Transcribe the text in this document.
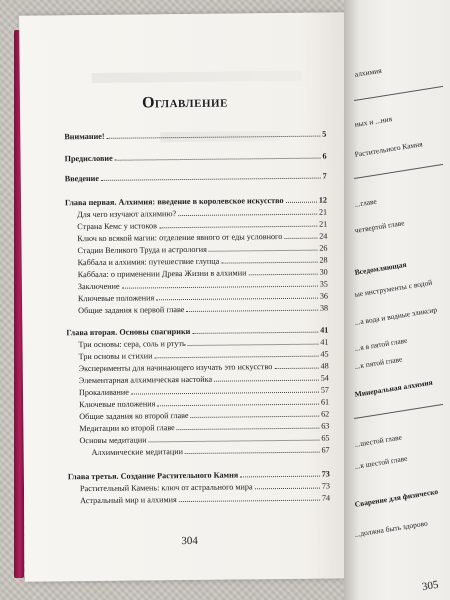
Оглавление
Внимание!	5
Предисловие	6
Введение	7
Глава первая. Алхимия: введение в королевское искусство	12
Для чего изучают алхимию?	21
Страна Кемс у истоков	21
Ключ ко всякой магии: отделение явного от еды условного	24
Стадии Великого Труда и астрология	26
Каббала и алхимия: путешествие глупца	28
Каббала: о применении Древа Жизни в алхимии	30
Заключение	35
Ключевые положения	36
Общие задания к первой главе	38
Глава вторая. Основы спагирики	41
Три основы: сера, соль и ртуть	41
Три основы и стихии	45
Эксперименты для начинающего изучать это искусство	48
Элементарная алхимическая настойка	54
Прокаливание	57
Ключевые положения	61
Общие задания ко второй главе	62
Медитации ко второй главе	63
Основы медитации	65
Алхимические медитации	67
Глава третья. Создание Растительного Камня	73
Растительный Камень: ключ от астрального мира	73
Астральный мир и алхимия	74
304
алхимия
ных и ...ния
Растительного Камня
...главе
четвертой главе
Вседомляющая
ые инструменты с водой
...а вода и водные эликсир
...я в пятой главе
...к пятой главе
Минеральная алхимия
...шестой главе
...к шестой главе
Сварение для физическо
...должна быть здорово
305
